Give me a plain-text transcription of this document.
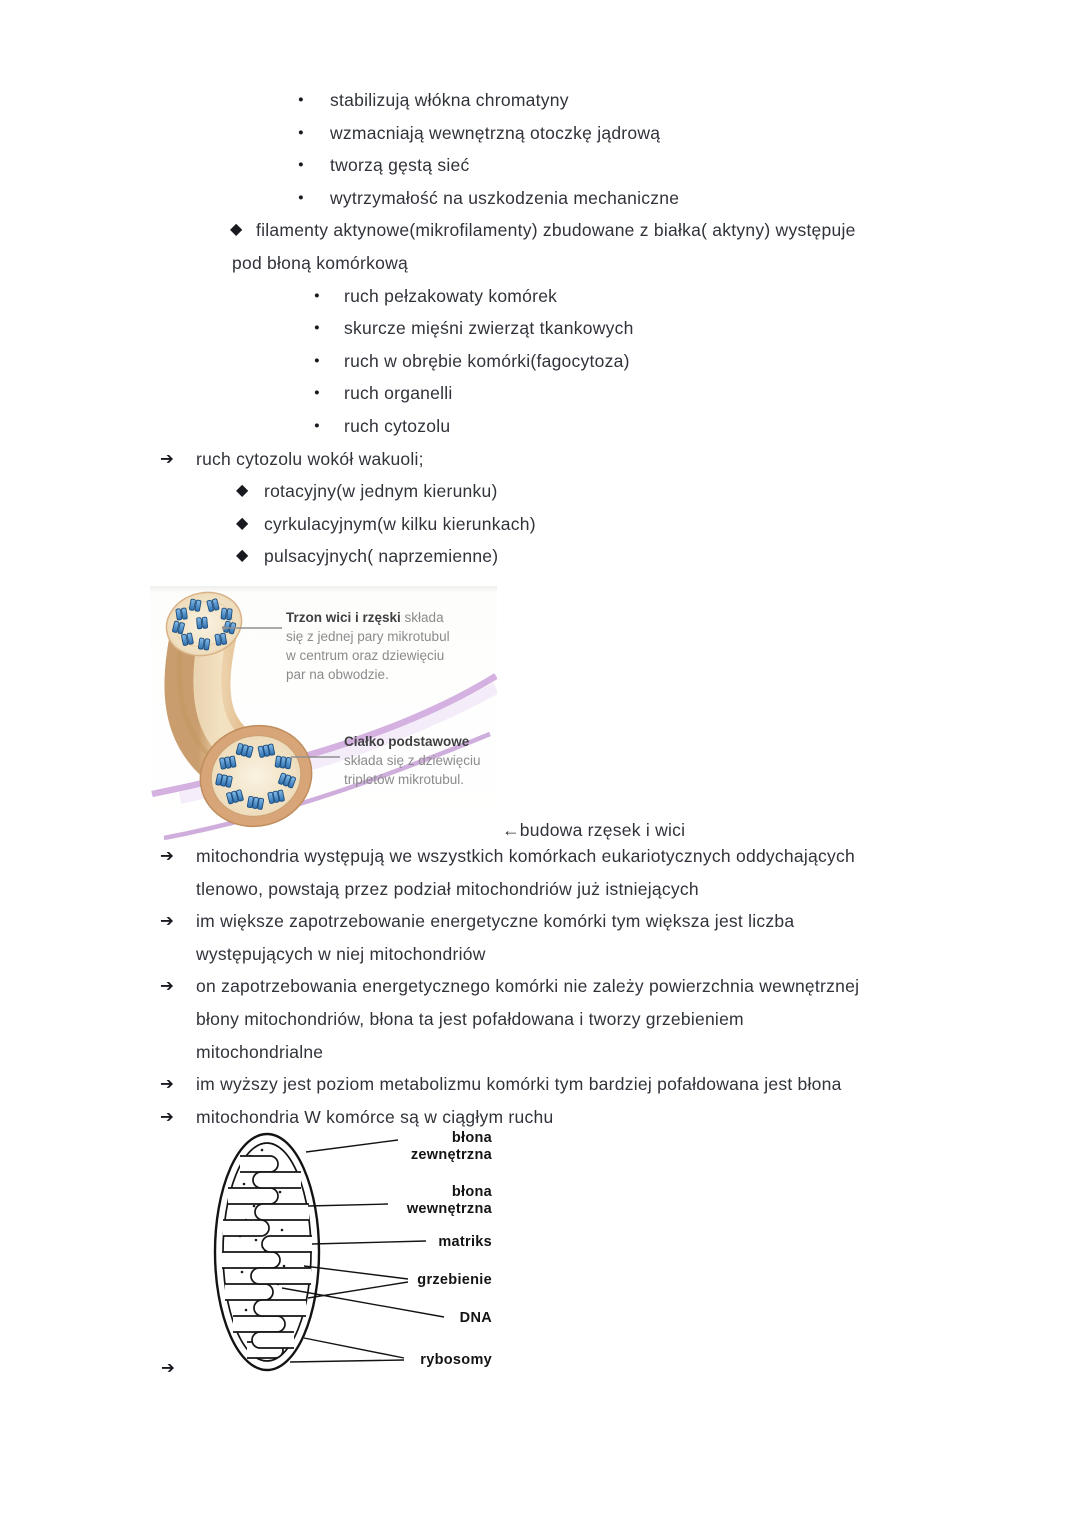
● stabilizują włókna chromatyny
● wzmacniają wewnętrzną otoczkę jądrową
● tworzą gęstą sieć
● wytrzymałość na uszkodzenia mechaniczne
◆ filamenty aktynowe(mikrofilamenty) zbudowane z białka( aktyny) występuje
pod błoną komórkową
● ruch pełzakowaty komórek
● skurcze mięśni zwierząt tkankowych
● ruch w obrębie komórki(fagocytoza)
● ruch organelli
● ruch cytozolu
➔ ruch cytozolu wokół wakuoli;
◆ rotacyjny(w jednym kierunku)
◆ cyrkulacyjnym(w kilku kierunkach)
◆ pulsacyjnych( naprzemienne)
Trzon wici i rzęski składa
się z jednej pary mikrotubul
w centrum oraz dziewięciu
par na obwodzie.
Ciałko podstawowe
składa się z dziewięciu
tripletów mikrotubul.
←budowa rzęsek i wici
➔ mitochondria występują we wszystkich komórkach eukariotycznych oddychających
tlenowo, powstają przez podział mitochondriów już istniejących
➔ im większe zapotrzebowanie energetyczne komórki tym większa jest liczba
występujących w niej mitochondriów
➔ on zapotrzebowania energetycznego komórki nie zależy powierzchnia wewnętrznej
błony mitochondriów, błona ta jest pofałdowana i tworzy grzebieniem
mitochondrialne
➔ im wyższy jest poziom metabolizmu komórki tym bardziej pofałdowana jest błona
➔ mitochondria W komórce są w ciągłym ruchu
błona
zewnętrzna
błona
wewnętrzna
matriks
grzebienie
DNA
rybosomy
➔
